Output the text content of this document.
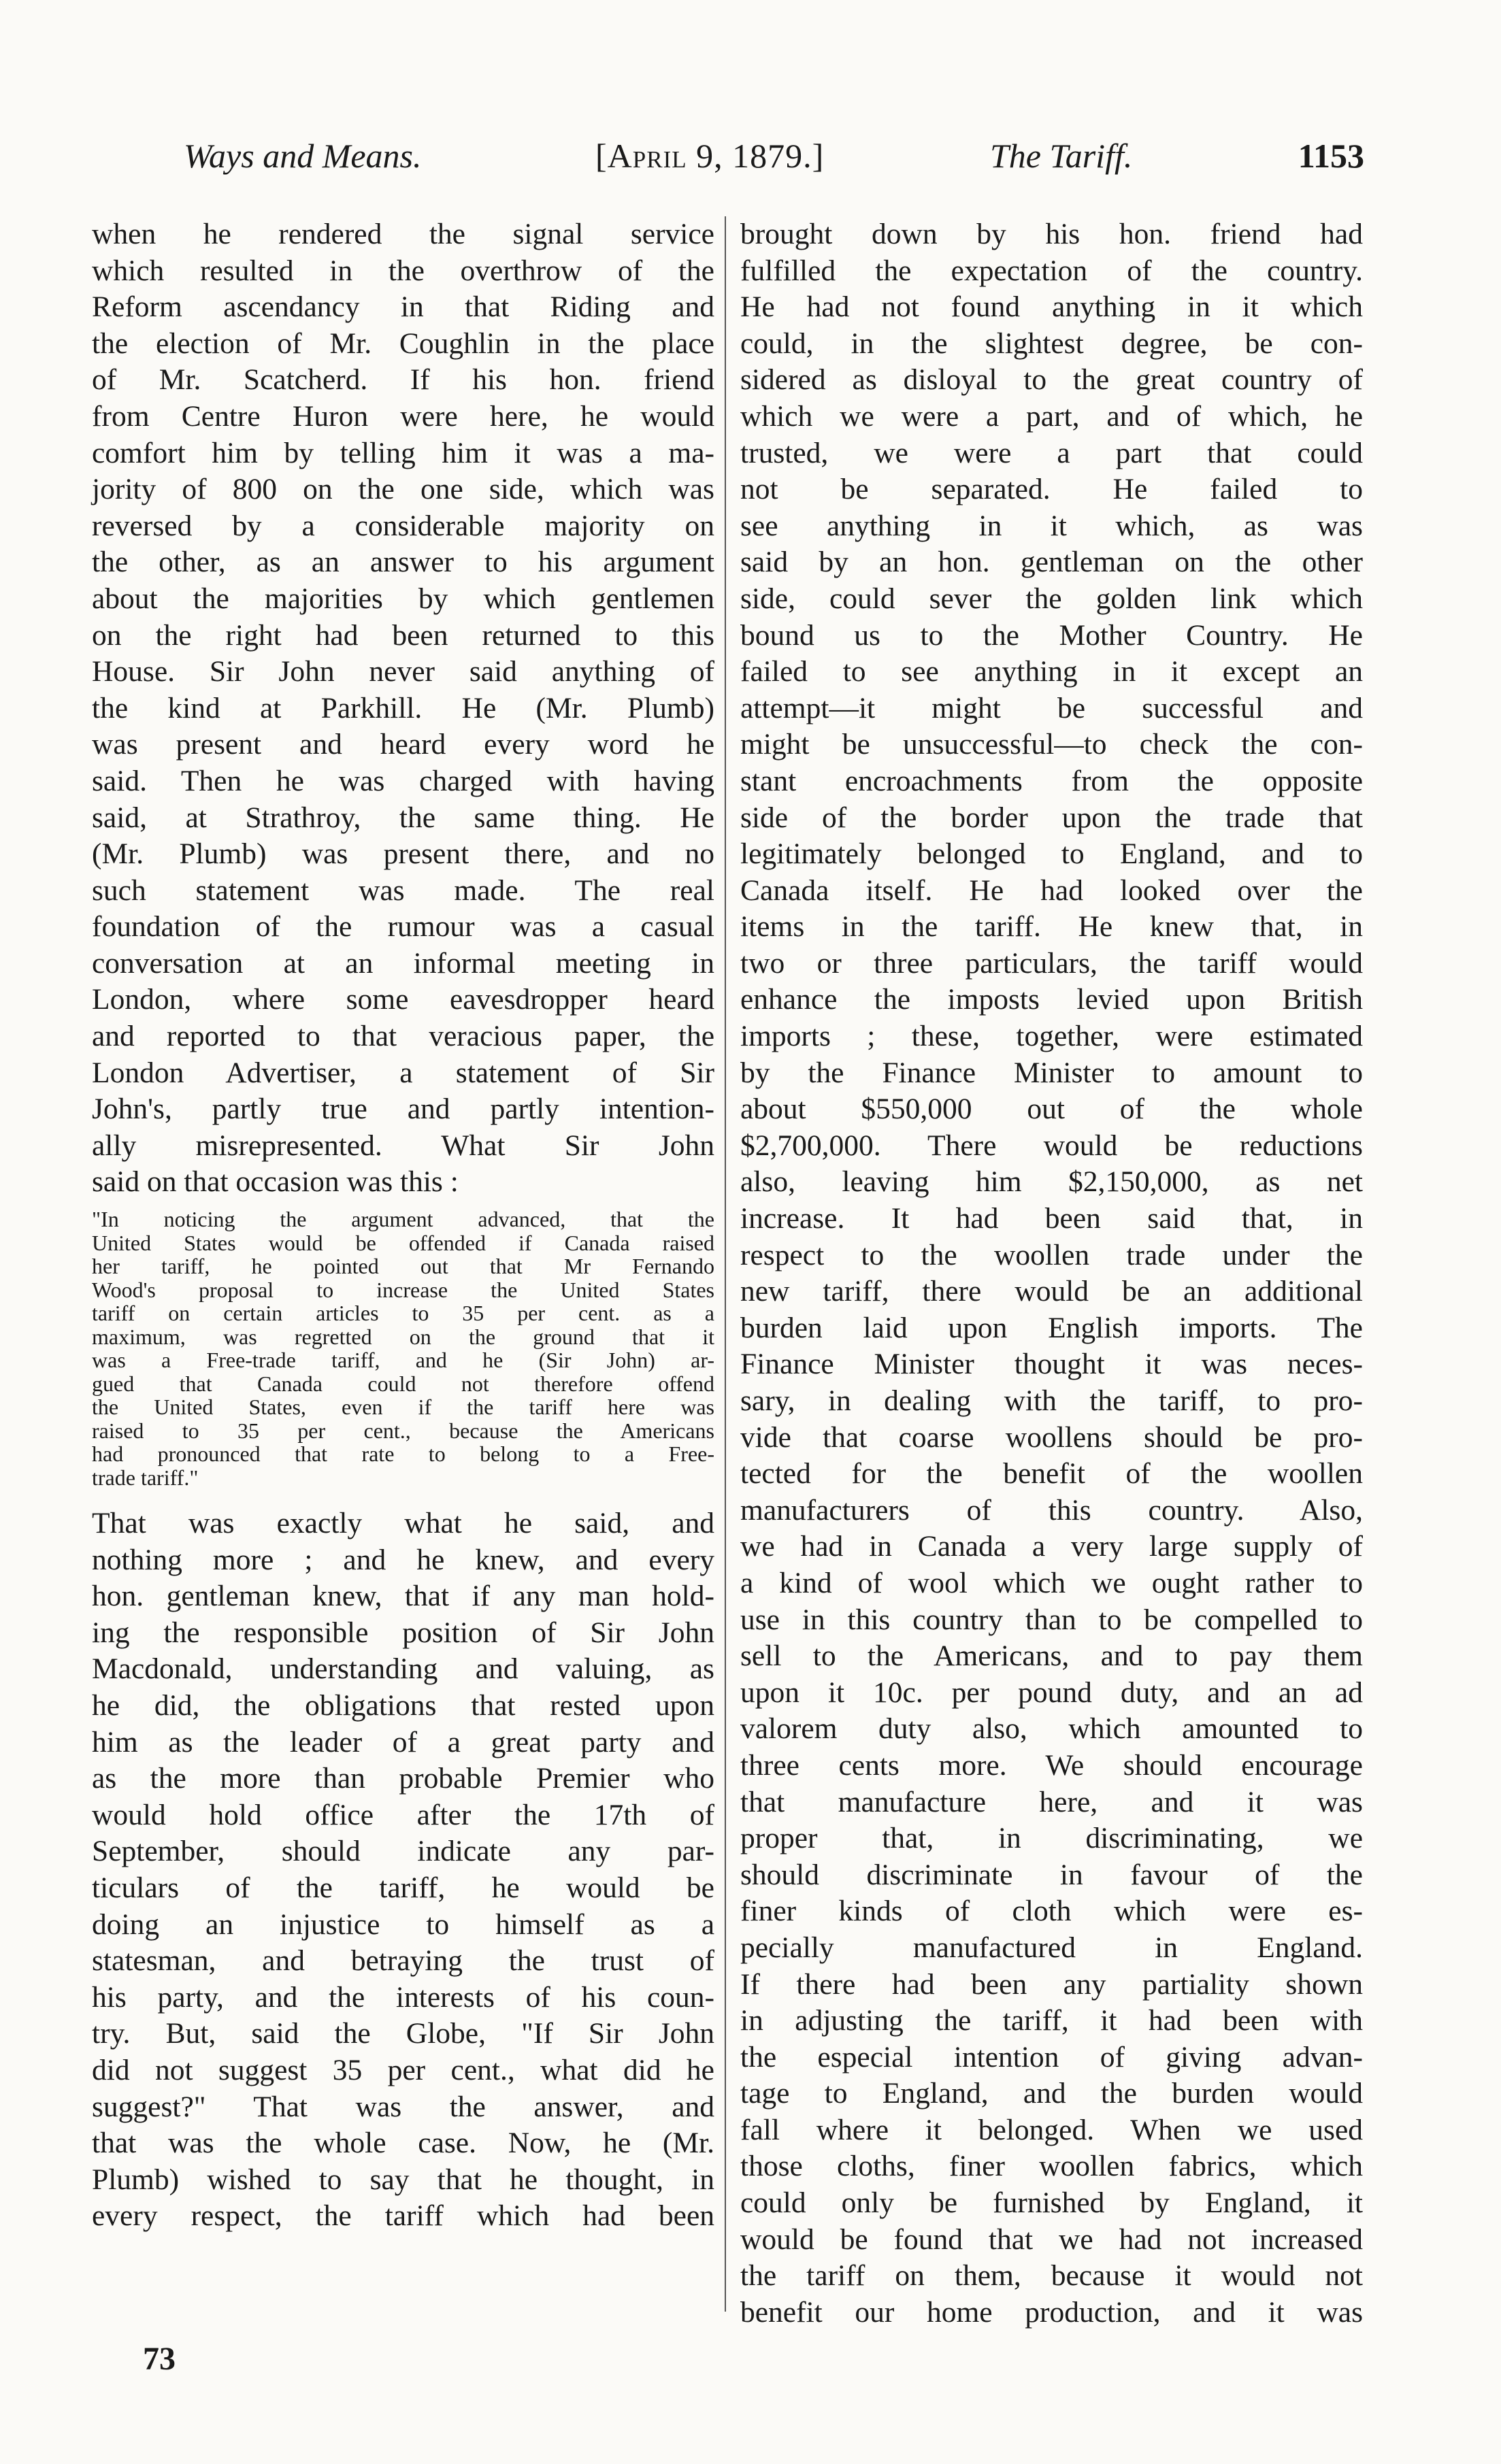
Ways and Means.	[April 9, 1879.]	The Tariff.	1153
when he rendered the signal service
which resulted in the overthrow of the
Reform ascendancy in that Riding and
the election of Mr. Coughlin in the place
of Mr. Scatcherd. If his hon. friend
from Centre Huron were here, he would
comfort him by telling him it was a ma-
jority of 800 on the one side, which was
reversed by a considerable majority on
the other, as an answer to his argument
about the majorities by which gentlemen
on the right had been returned to this
House. Sir John never said anything of
the kind at Parkhill. He (Mr. Plumb)
was present and heard every word he
said. Then he was charged with having
said, at Strathroy, the same thing. He
(Mr. Plumb) was present there, and no
such statement was made. The real
foundation of the rumour was a casual
conversation at an informal meeting in
London, where some eavesdropper heard
and reported to that veracious paper, the
London Advertiser, a statement of Sir
John's, partly true and partly intention-
ally misrepresented. What Sir John
said on that occasion was this :
"In noticing the argument advanced, that the
United States would be offended if Canada raised
her tariff, he pointed out that Mr Fernando
Wood's proposal to increase the United States
tariff on certain articles to 35 per cent. as a
maximum, was regretted on the ground that it
was a Free-trade tariff, and he (Sir John) ar-
gued that Canada could not therefore offend
the United States, even if the tariff here was
raised to 35 per cent., because the Americans
had pronounced that rate to belong to a Free-
trade tariff."
That was exactly what he said, and
nothing more ; and he knew, and every
hon. gentleman knew, that if any man hold-
ing the responsible position of Sir John
Macdonald, understanding and valuing, as
he did, the obligations that rested upon
him as the leader of a great party and
as the more than probable Premier who
would hold office after the 17th of
September, should indicate any par-
ticulars of the tariff, he would be
doing an injustice to himself as a
statesman, and betraying the trust of
his party, and the interests of his coun-
try. But, said the Globe, "If Sir John
did not suggest 35 per cent., what did he
suggest?" That was the answer, and
that was the whole case. Now, he (Mr.
Plumb) wished to say that he thought, in
every respect, the tariff which had been
brought down by his hon. friend had
fulfilled the expectation of the country.
He had not found anything in it which
could, in the slightest degree, be con-
sidered as disloyal to the great country of
which we were a part, and of which, he
trusted, we were a part that could
not be separated. He failed to
see anything in it which, as was
said by an hon. gentleman on the other
side, could sever the golden link which
bound us to the Mother Country. He
failed to see anything in it except an
attempt—it might be successful and
might be unsuccessful—to check the con-
stant encroachments from the opposite
side of the border upon the trade that
legitimately belonged to England, and to
Canada itself. He had looked over the
items in the tariff. He knew that, in
two or three particulars, the tariff would
enhance the imposts levied upon British
imports ; these, together, were estimated
by the Finance Minister to amount to
about $550,000 out of the whole
$2,700,000. There would be reductions
also, leaving him $2,150,000, as net
increase. It had been said that, in
respect to the woollen trade under the
new tariff, there would be an additional
burden laid upon English imports. The
Finance Minister thought it was neces-
sary, in dealing with the tariff, to pro-
vide that coarse woollens should be pro-
tected for the benefit of the woollen
manufacturers of this country. Also,
we had in Canada a very large supply of
a kind of wool which we ought rather to
use in this country than to be compelled to
sell to the Americans, and to pay them
upon it 10c. per pound duty, and an ad
valorem duty also, which amounted to
three cents more. We should encourage
that manufacture here, and it was
proper that, in discriminating, we
should discriminate in favour of the
finer kinds of cloth which were es-
pecially manufactured in England.
If there had been any partiality shown
in adjusting the tariff, it had been with
the especial intention of giving advan-
tage to England, and the burden would
fall where it belonged. When we used
those cloths, finer woollen fabrics, which
could only be furnished by England, it
would be found that we had not increased
the tariff on them, because it would not
benefit our home production, and it was
73
